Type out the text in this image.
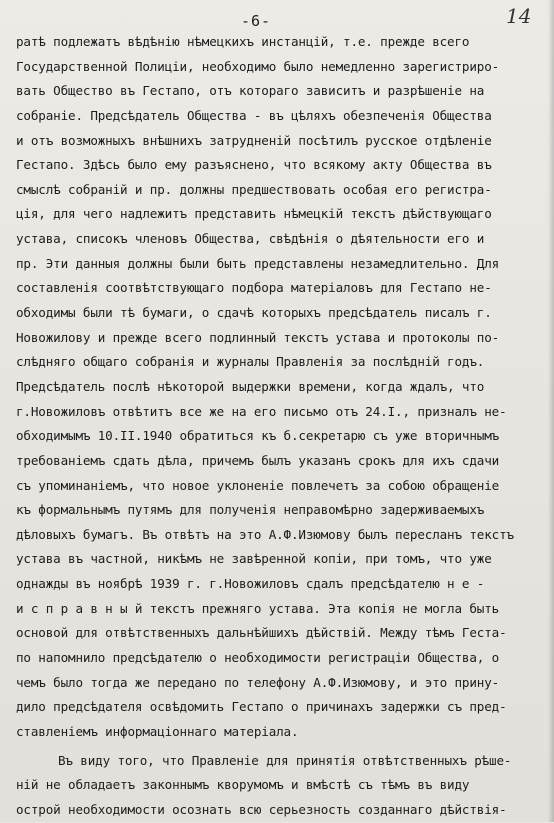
-6-	14
ратѣ подлежатъ вѣдѣнію нѣмецкихъ инстанцій, т.е. прежде всего
Государственной Полиціи, необходимо было немедленно зарегистриро-
вать Общество въ Гестапо, отъ котораго зависитъ и разрѣшеніе на
собраніе. Предсѣдатель Общества - въ цѣляхъ обезпеченія Общества
и отъ возможныхъ внѣшнихъ затрудненій посѣтилъ русское отдѣленіе
Гестапо. Здѣсь было ему разъяснено, что всякому акту Общества въ
смыслѣ собраній и пр. должны предшествовать особая его регистра-
ція, для чего надлежитъ представить нѣмецкій текстъ дѣйствующаго
устава, списокъ членовъ Общества, свѣдѣнія о дѣятельности его и
пр. Эти данныя должны были быть представлены незамедлительно. Для
составленія соотвѣтствующаго подбора матеріаловъ для Гестапо не-
обходимы были тѣ бумаги, о сдачѣ которыхъ предсѣдатель писалъ г.
Новожилову и прежде всего подлинный текстъ устава и протоколы по-
слѣдняго общаго собранія и журналы Правленія за послѣдній годъ.
Предсѣдатель послѣ нѣкоторой выдержки времени, когда ждалъ, что
г.Новожиловъ отвѣтитъ все же на его письмо отъ 24.I., призналъ не-
обходимымъ 10.II.1940 обратиться къ б.секретарю съ уже вторичнымъ
требованіемъ сдать дѣла, причемъ былъ указанъ срокъ для ихъ сдачи
съ упоминаніемъ, что новое уклоненіе повлечетъ за собою обращеніе
къ формальнымъ путямъ для полученія неправомѣрно задерживаемыхъ
дѣловыхъ бумагъ. Въ отвѣтъ на это А.Ф.Изюмову былъ пересланъ текстъ
устава въ частной, никѣмъ не завѣренной копіи, при томъ, что уже
однажды въ ноябрѣ 1939 г. г.Новожиловъ сдалъ предсѣдателю н е -
и с п р а в н ы й текстъ прежняго устава. Эта копія не могла быть
основой для отвѣтственныхъ дальнѣйшихъ дѣйствій. Между тѣмъ Геста-
по напомнило предсѣдателю о необходимости регистраціи Общества, о
чемъ было тогда же передано по телефону А.Ф.Изюмову, и это прину-
дило предсѣдателя освѣдомить Гестапо о причинахъ задержки съ пред-
ставленіемъ информаціоннаго матеріала.
Въ виду того, что Правленіе для принятія отвѣтственныхъ рѣше-
ній не обладаетъ законнымъ кворумомъ и вмѣстѣ съ тѣмъ въ виду
острой необходимости осознать всю серьезность созданнаго дѣйствія-
